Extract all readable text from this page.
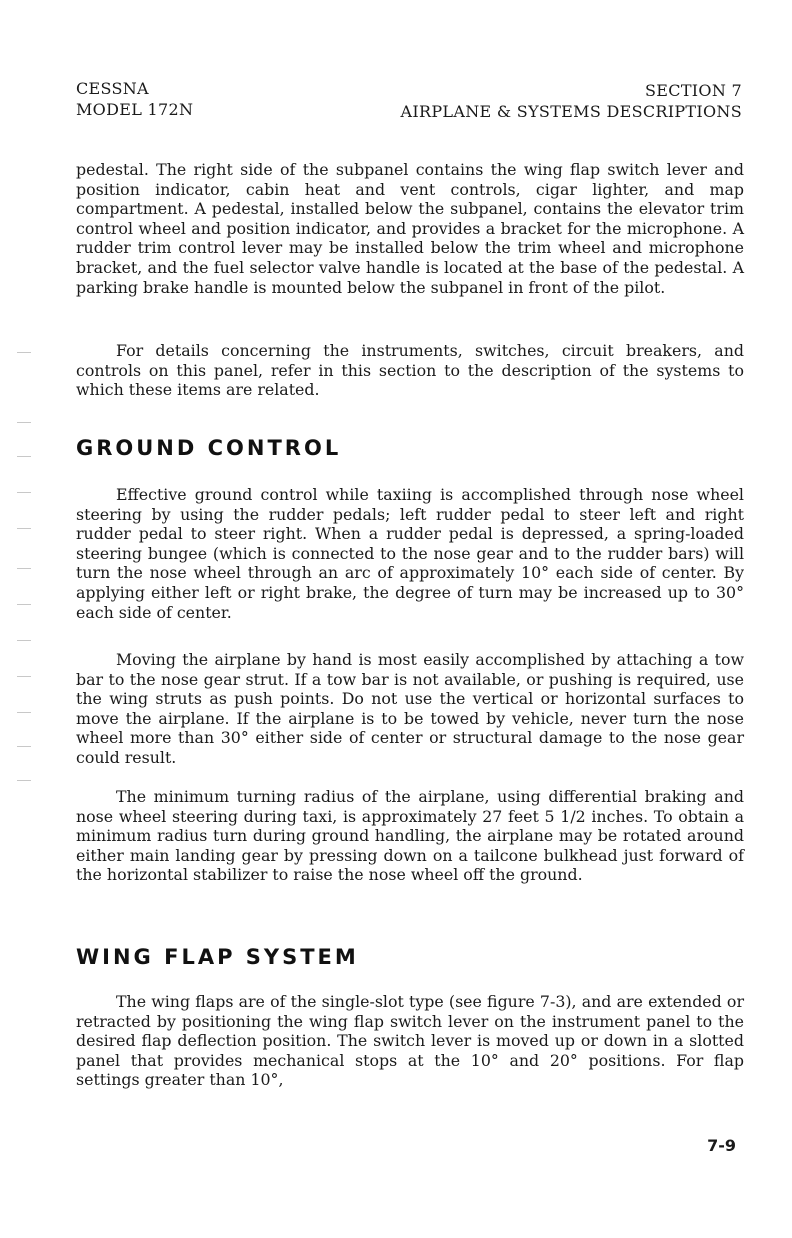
CESSNA
MODEL 172N
SECTION 7
AIRPLANE & SYSTEMS DESCRIPTIONS

pedestal. The right side of the subpanel contains the wing flap switch lever and position indicator, cabin heat and vent controls, cigar lighter, and map compartment. A pedestal, installed below the subpanel, contains the elevator trim control wheel and position indicator, and provides a bracket for the microphone. A rudder trim control lever may be installed below the trim wheel and microphone bracket, and the fuel selector valve handle is located at the base of the pedestal. A parking brake handle is mounted below the subpanel in front of the pilot.

For details concerning the instruments, switches, circuit breakers, and controls on this panel, refer in this section to the description of the systems to which these items are related.

GROUND CONTROL

Effective ground control while taxiing is accomplished through nose wheel steering by using the rudder pedals; left rudder pedal to steer left and right rudder pedal to steer right. When a rudder pedal is depressed, a spring-loaded steering bungee (which is connected to the nose gear and to the rudder bars) will turn the nose wheel through an arc of approximately 10° each side of center. By applying either left or right brake, the degree of turn may be increased up to 30° each side of center.

Moving the airplane by hand is most easily accomplished by attaching a tow bar to the nose gear strut. If a tow bar is not available, or pushing is required, use the wing struts as push points. Do not use the vertical or horizontal surfaces to move the airplane. If the airplane is to be towed by vehicle, never turn the nose wheel more than 30° either side of center or structural damage to the nose gear could result.

The minimum turning radius of the airplane, using differential braking and nose wheel steering during taxi, is approximately 27 feet 5 1/2 inches. To obtain a minimum radius turn during ground handling, the airplane may be rotated around either main landing gear by pressing down on a tailcone bulkhead just forward of the horizontal stabilizer to raise the nose wheel off the ground.

WING FLAP SYSTEM

The wing flaps are of the single-slot type (see figure 7-3), and are extended or retracted by positioning the wing flap switch lever on the instrument panel to the desired flap deflection position. The switch lever is moved up or down in a slotted panel that provides mechanical stops at the 10° and 20° positions. For flap settings greater than 10°,

7-9
